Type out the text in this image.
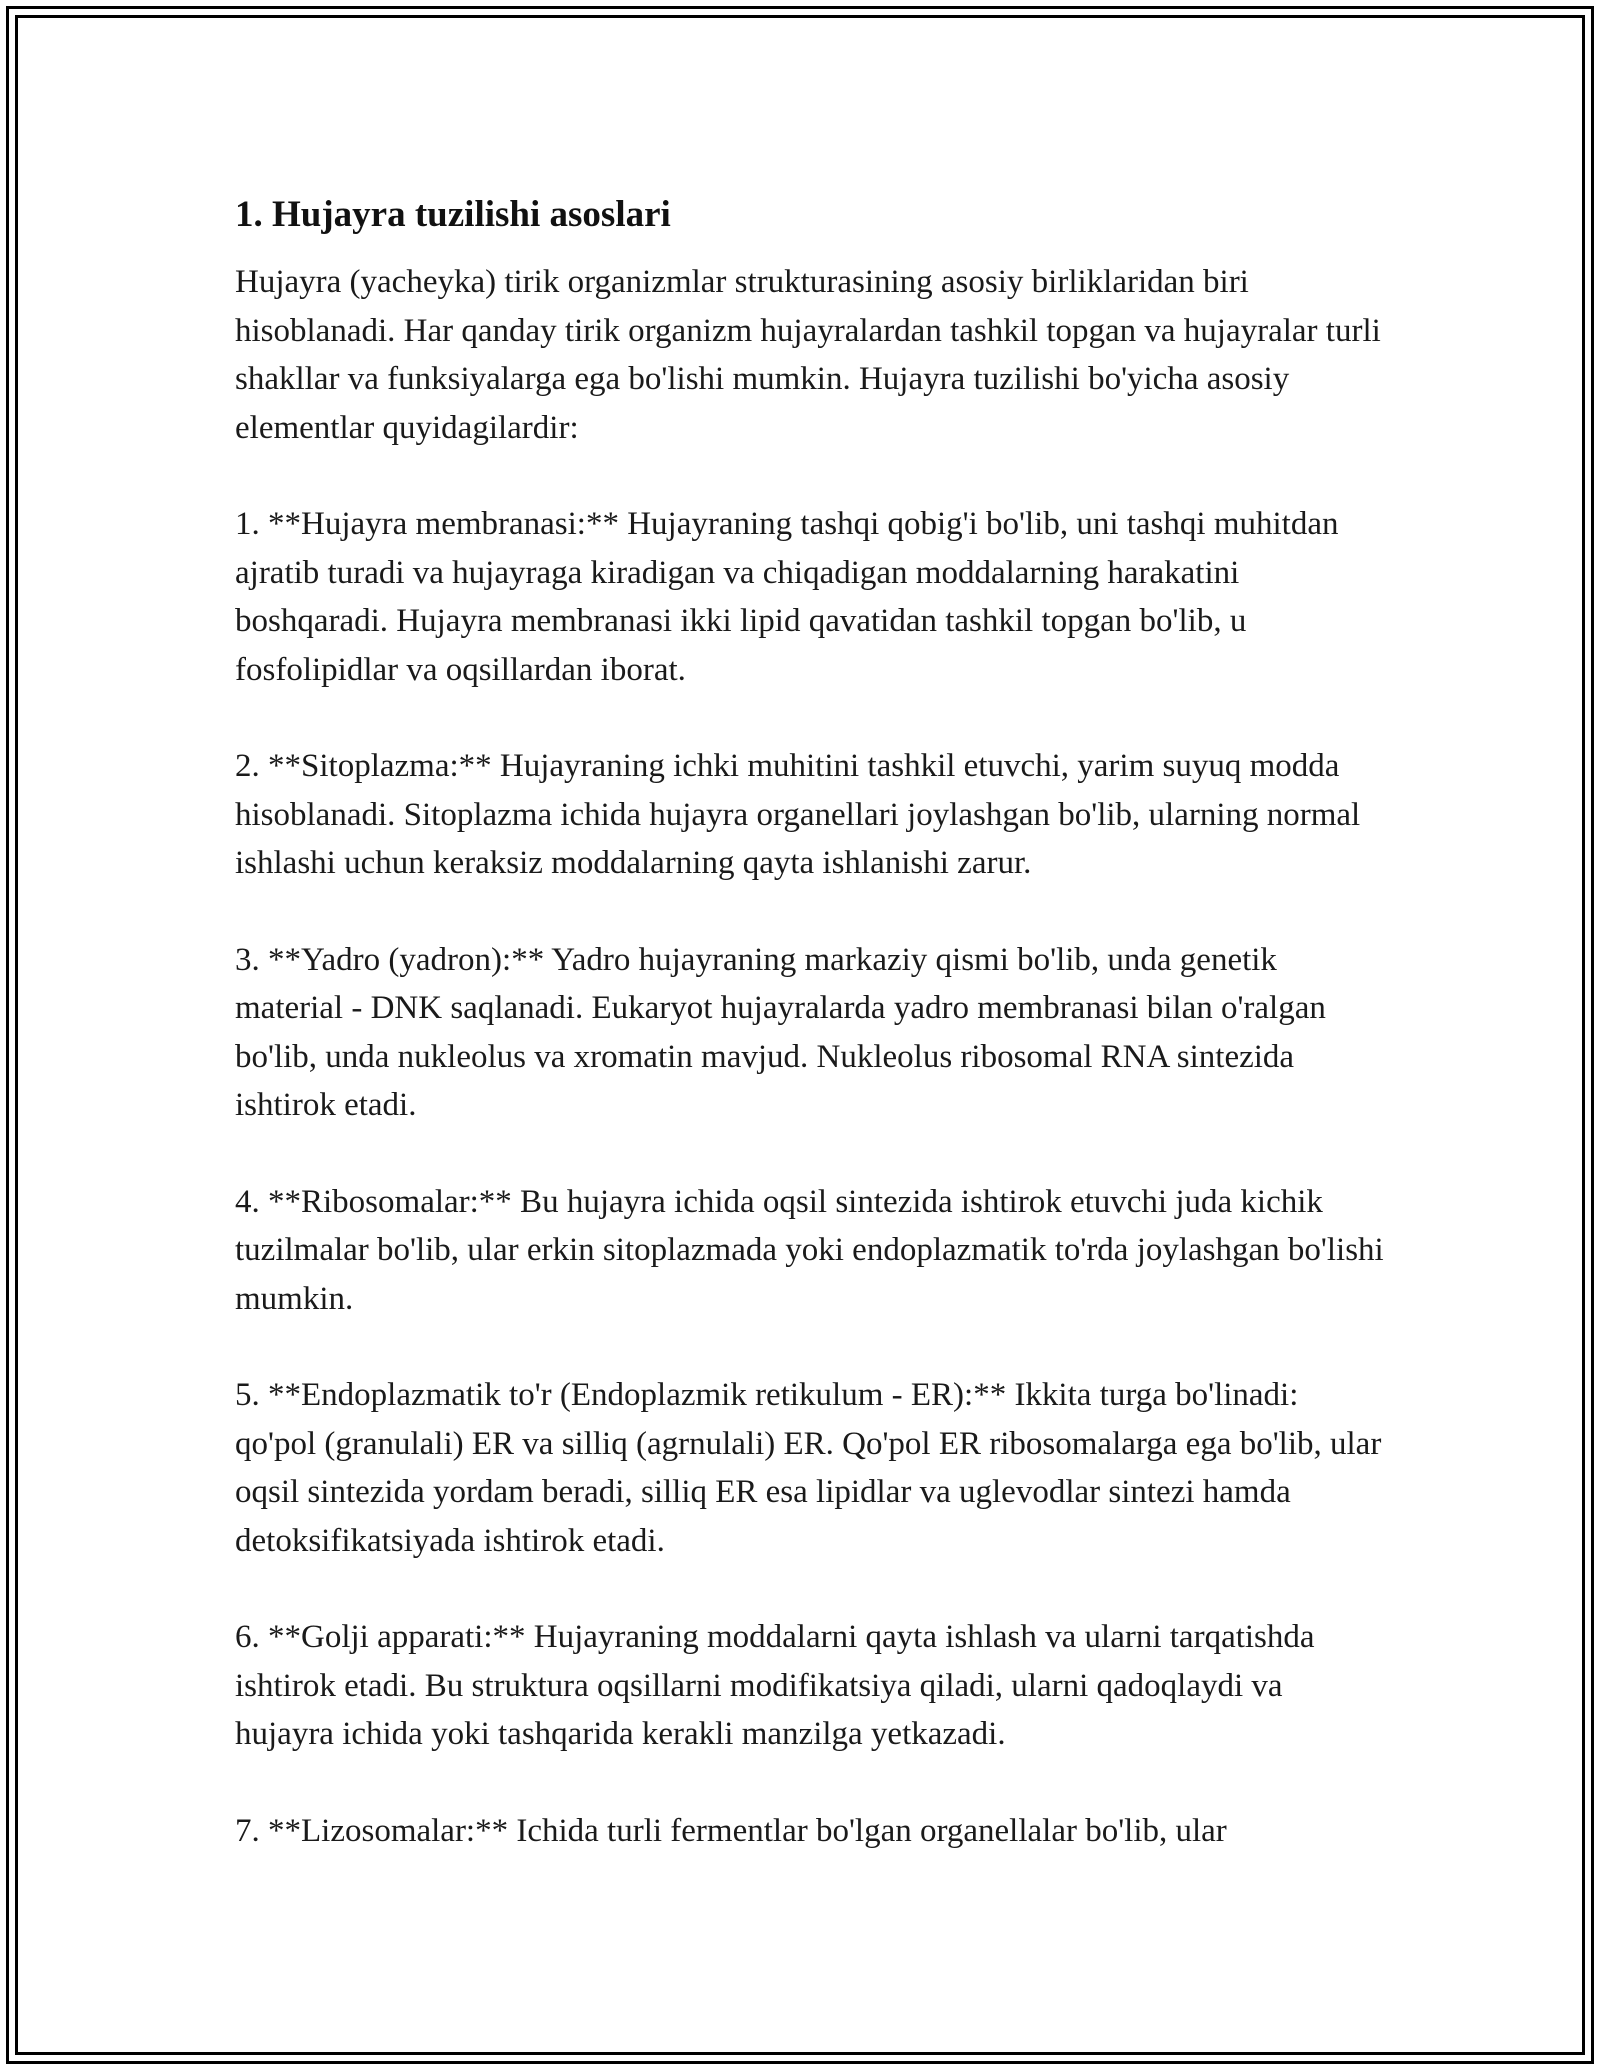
1. Hujayra tuzilishi asoslari

Hujayra (yacheyka) tirik organizmlar strukturasining asosiy birliklaridan biri hisoblanadi. Har qanday tirik organizm hujayralardan tashkil topgan va hujayralar turli shakllar va funksiyalarga ega bo'lishi mumkin. Hujayra tuzilishi bo'yicha asosiy elementlar quyidagilardir:

1. **Hujayra membranasi:** Hujayraning tashqi qobig'i bo'lib, uni tashqi muhitdan ajratib turadi va hujayraga kiradigan va chiqadigan moddalarning harakatini boshqaradi. Hujayra membranasi ikki lipid qavatidan tashkil topgan bo'lib, u fosfolipidlar va oqsillardan iborat.

2. **Sitoplazma:** Hujayraning ichki muhitini tashkil etuvchi, yarim suyuq modda hisoblanadi. Sitoplazma ichida hujayra organellari joylashgan bo'lib, ularning normal ishlashi uchun keraksiz moddalarning qayta ishlanishi zarur.

3. **Yadro (yadron):** Yadro hujayraning markaziy qismi bo'lib, unda genetik material - DNK saqlanadi. Eukaryot hujayralarda yadro membranasi bilan o'ralgan bo'lib, unda nukleolus va xromatin mavjud. Nukleolus ribosomal RNA sintezida ishtirok etadi.

4. **Ribosomalar:** Bu hujayra ichida oqsil sintezida ishtirok etuvchi juda kichik tuzilmalar bo'lib, ular erkin sitoplazmada yoki endoplazmatik to'rda joylashgan bo'lishi mumkin.

5. **Endoplazmatik to'r (Endoplazmik retikulum - ER):** Ikkita turga bo'linadi: qo'pol (granulali) ER va silliq (agrnulali) ER. Qo'pol ER ribosomalarga ega bo'lib, ular oqsil sintezida yordam beradi, silliq ER esa lipidlar va uglevodlar sintezi hamda detoksifikatsiyada ishtirok etadi.

6. **Golji apparati:** Hujayraning moddalarni qayta ishlash va ularni tarqatishda ishtirok etadi. Bu struktura oqsillarni modifikatsiya qiladi, ularni qadoqlaydi va hujayra ichida yoki tashqarida kerakli manzilga yetkazadi.

7. **Lizosomalar:** Ichida turli fermentlar bo'lgan organellalar bo'lib, ular
